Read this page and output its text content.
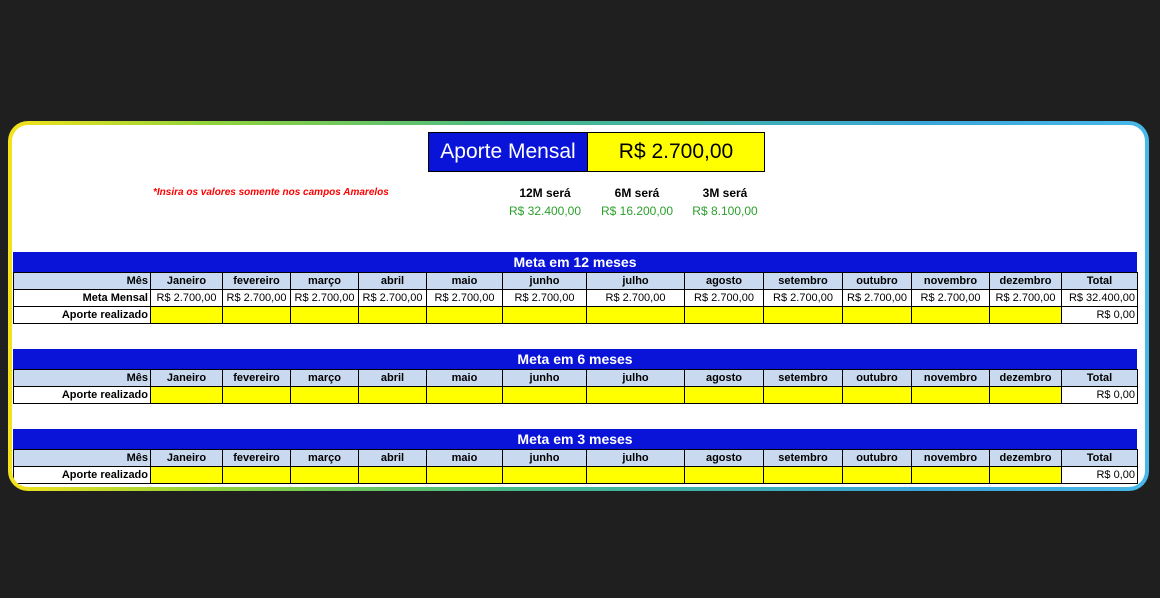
Aporte Mensal	R$ 2.700,00
*Insira os valores somente nos campos Amarelos	12M será
R$ 32.400,00
6M será
R$ 16.200,00
3M será
R$ 8.100,00
Meta em 12 meses
Mês	Janeiro	fevereiro	março	abril	maio	junho	julho	agosto	setembro	outubro	novembro	dezembro	Total
Meta Mensal	R$ 2.700,00	R$ 2.700,00	R$ 2.700,00	R$ 2.700,00	R$ 2.700,00	R$ 2.700,00	R$ 2.700,00	R$ 2.700,00	R$ 2.700,00	R$ 2.700,00	R$ 2.700,00	R$ 2.700,00	R$ 32.400,00
Aporte realizado													R$ 0,00
Meta em 6 meses
Mês	Janeiro	fevereiro	março	abril	maio	junho	julho	agosto	setembro	outubro	novembro	dezembro	Total
Aporte realizado													R$ 0,00
Meta em 3 meses
Mês	Janeiro	fevereiro	março	abril	maio	junho	julho	agosto	setembro	outubro	novembro	dezembro	Total
Aporte realizado													R$ 0,00
